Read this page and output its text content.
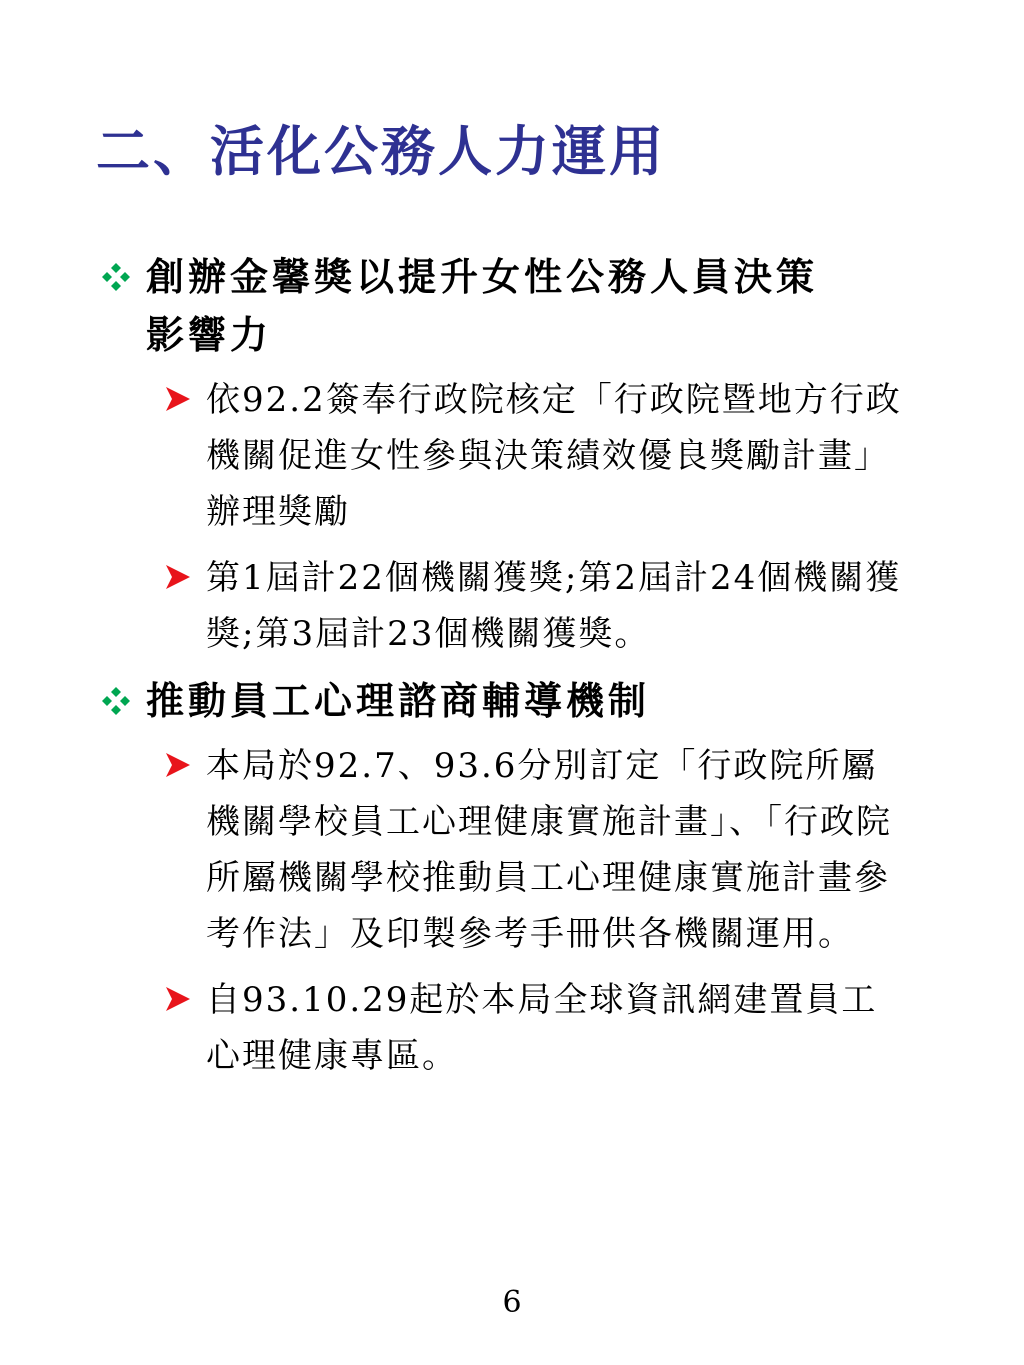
二、活化公務人力運用
創辦金馨獎以提升女性公務人員決策影響力
依92.2簽奉行政院核定「行政院暨地方行政機關促進女性參與決策績效優良獎勵計畫」辦理獎勵
第1屆計22個機關獲獎;第2屆計24個機關獲獎;第3屆計23個機關獲獎。
推動員工心理諮商輔導機制
本局於92.7、93.6分別訂定「行政院所屬機關學校員工心理健康實施計畫」、「行政院所屬機關學校推動員工心理健康實施計畫參考作法」及印製參考手冊供各機關運用。
自93.10.29起於本局全球資訊網建置員工心理健康專區。
6
